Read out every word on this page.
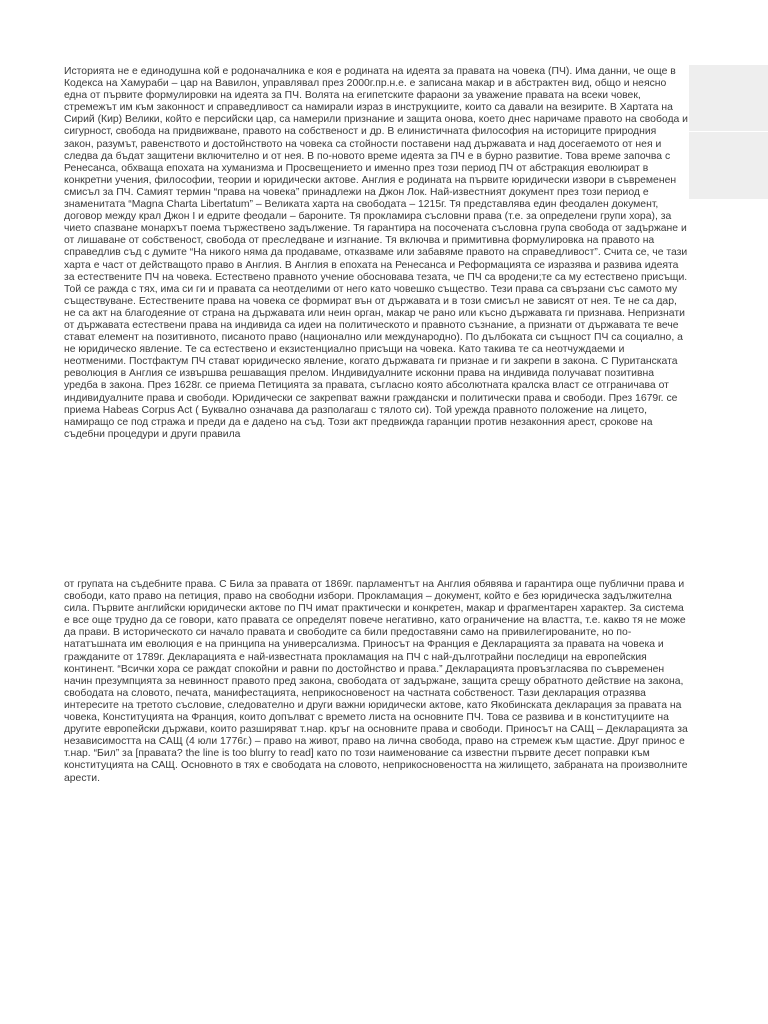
Историята не е единодушна кой е родоначалника е коя е родината на идеята за правата на човека (ПЧ). Има данни, че още в Кодекса на Хамураби – цар на Вавилон, управлявал през 2000г.пр.н.е. е записана макар и в абстрактен вид, общо и неясно една от първите формулировки на идеята за ПЧ. Волята на египетските фараони за уважение правата на всеки човек, стремежът им към законност и справедливост са намирали израз в инструкциите, които са давали на везирите. В Хартата на Сирий (Кир) Велики, който е персийски цар, са намерили признание и защита онова, което днес наричаме правото на свобода и сигурност, свобода на придвижване, правото на собственост и др. В елинистичната философия на историците природния закон, разумът, равенството и достойнството на човека са стойности поставени над държавата и над досегаемото от нея и следва да бъдат защитени включително и от нея. В по-новото време идеята за ПЧ е в бурно развитие. Това време започва с Ренесанса, обхваща епохата на хуманизма и Просвещението и именно през този период ПЧ от абстракция еволюират в конкретни учения, философии, теории и юридически актове. Англия е родината на първите юридически извори в съвременен смисъл за ПЧ. Самият термин “права на човека” принадлежи на Джон Лок. Най-известният документ през този период е знаменитата “Magna Charta Libertatum” – Великата харта на свободата – 1215г. Тя представлява един феодален документ, договор между крал Джон I и едрите феодали – бароните. Тя прокламира съсловни права (т.е. за определени групи хора), за чието спазване монархът поема тържествено задължение. Тя гарантира на посочената съсловна група свобода от задържане и от лишаване от собственост, свобода от преследване и изгнание. Тя включва и примитивна формулировка на правото на справедлив съд с думите “На никого няма да продаваме, отказваме или забавяме правото на справедливост”. Счита се, че тази харта е част от действащото право в Англия. В Англия в епохата на Ренесанса и Реформацията се изразява и развива идеята за естествените ПЧ на човека. Естествено правното учение обосновава тезата, че ПЧ са вродени;те са му естествено присъщи. Той се ражда с тях, има си ги и правата са неотделими от него като човешко същество. Тези права са свързани със самото му съществуване. Естествените права на човека се формират вън от държавата и в този смисъл не зависят от нея. Те не са дар, не са акт на благодеяние от страна на държавата или неин орган, макар че рано или късно държавата ги признава. Непризнати от държавата естествени права на индивида са идеи на политическото и правното съзнание, а признати от държавата те вече стават елемент на позитивното, писаното право (национално или международно). По дълбоката си същност ПЧ са социално, а не юридическо явление. Те са естествено и екзистенциално присъщи на човека. Като такива те са неотчуждаеми и неотменими. Постфактум ПЧ стават юридическо явление, когато държавата ги признае и ги закрепи в закона. С Пуританската революция в Англия се извършва решаващия прелом. Индивидуалните исконни права на индивида получават позитивна уредба в закона. През 1628г. се приема Петицията за правата, съгласно която абсолютната кралска власт се отграничава от индивидуалните права и свободи. Юридически се закрепват важни граждански и политически права и свободи. През 1679г. се приема Habeas Corpus Act ( Буквално означава да разполагаш с тялото си). Той урежда правното положение на лицето, намиращо се под стража и преди да е дадено на съд. Този акт предвижда гаранции против незаконния арест, срокове на съдебни процедури и други правила

от групата на съдебните права. С Била за правата от 1869г. парламентът на Англия обявява и гарантира още публични права и свободи, като право на петиция, право на свободни избори. Прокламация – документ, който е без юридическа задължителна сила. Първите английски юридически актове по ПЧ имат практически и конкретен, макар и фрагментарен характер. За система е все още трудно да се говори, като правата се определят повече негативно, като ограничение на властта, т.е. какво тя не може да прави. В историческото си начало правата и свободите са били предоставяни само на привилегированите, но по-нататъшната им еволюция е на принципа на универсализма. Приносът на Франция е Декларацията за правата на човека и гражданите от 1789г. Декларацията е най-известната прокламация на ПЧ с най-дълготрайни последици на европейския континент. “Всички хора се раждат спокойни и равни по достойнство и права.” Декларацията провъзгласява по съвременен начин презумпцията за невинност правото пред закона, свободата от задържане, защита срещу обратното действие на закона, свободата на словото, печата, манифестацията, неприкосновеност на частната собственост. Тази декларация отразява интересите на третото съсловие, следователно и други важни юридически актове, като Якобинската декларация за правата на човека, Конституцията на Франция, които допълват с времето листа на основните ПЧ. Това се развива и в конституциите на другите европейски държави, които разширяват т.нар. кръг на основните права и свободи. Приносът на САЩ – Декларацията за независимостта на САЩ (4 юли 1776г.) – право на живот, право на лична свобода, право на стремеж към щастие. Друг принос е т.нар. “Бил” за [правата? the line is too blurry to read] като по този наименование са известни първите десет поправки към конституцията на САЩ. Основното в тях е свободата на словото, неприкосновеността на жилището, забраната на произволните арести.
